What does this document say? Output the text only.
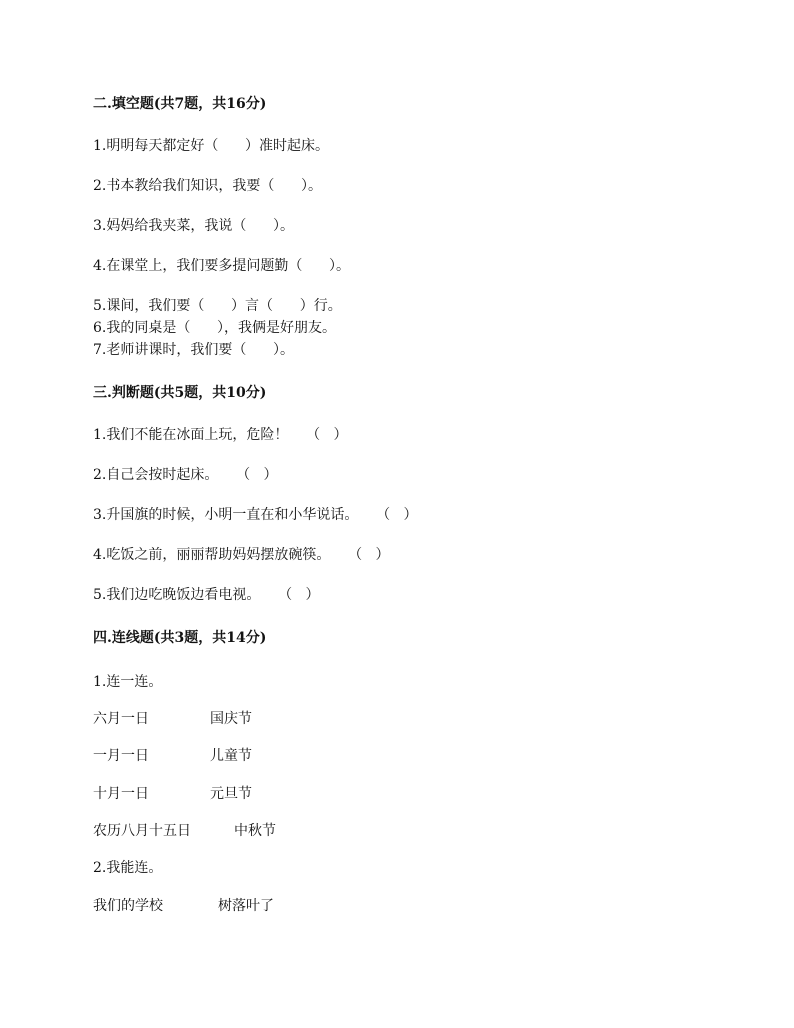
二.填空题(共7题，共16分)
1.明明每天都定好（      ）准时起床。
2.书本教给我们知识，我要（      ）。
3.妈妈给我夹菜，我说（      ）。
4.在课堂上，我们要多提问题勤（      ）。
5.课间，我们要（      ）言（      ）行。
6.我的同桌是（      ），我俩是好朋友。
7.老师讲课时，我们要（      ）。
三.判断题(共5题，共10分)
1.我们不能在冰面上玩，危险！    （   ）
2.自己会按时起床。    （   ）
3.升国旗的时候，小明一直在和小华说话。    （   ）
4.吃饭之前，丽丽帮助妈妈摆放碗筷。    （   ）
5.我们边吃晚饭边看电视。    （   ）
四.连线题(共3题，共14分)
1.连一连。
六月一日	国庆节
一月一日	儿童节
十月一日	元旦节
农历八月十五日	中秋节
2.我能连。
我们的学校	树落叶了
